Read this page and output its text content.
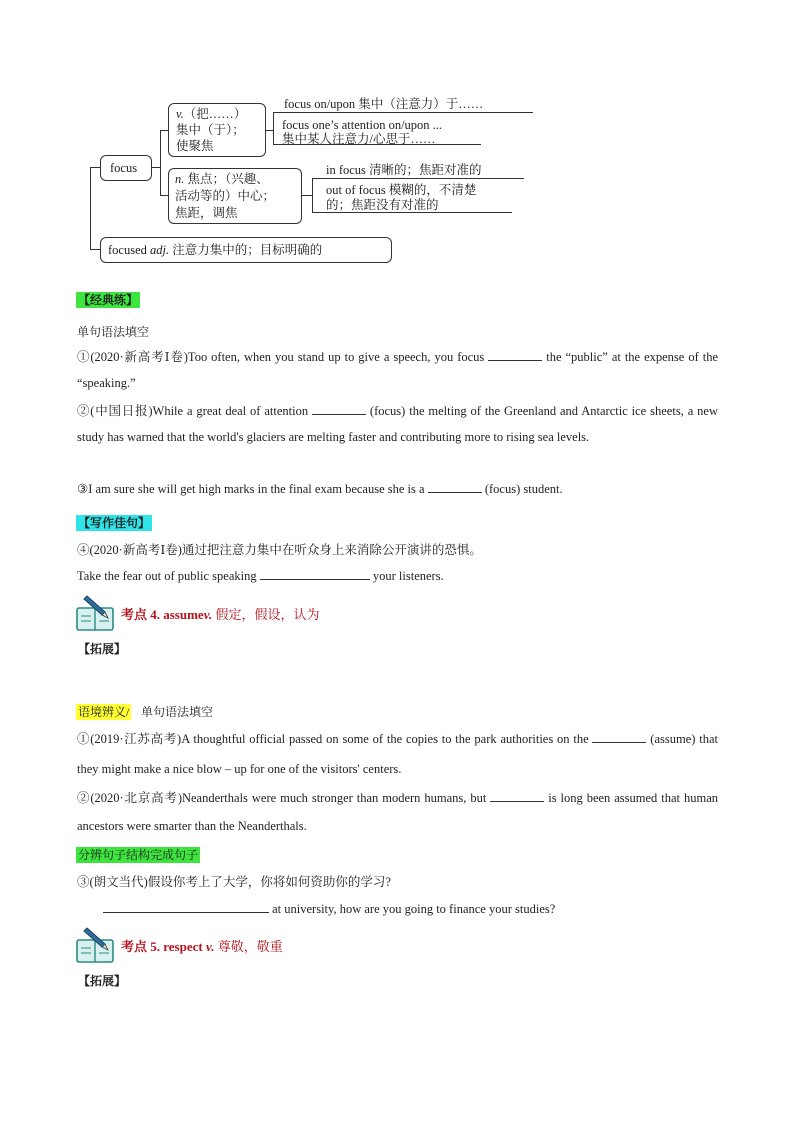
focus
v.（把……）
集中（于）；
使聚焦
focus on/upon 集中（注意力）于……
focus one’s attention on/upon ...
集中某人注意力/心思于……
n. 焦点；（兴趣、
活动等的）中心；
焦距，调焦
in focus 清晰的；焦距对准的
out of focus 模糊的，不清楚
的；焦距没有对准的
focused adj. 注意力集中的；目标明确的
【经典练】
单句语法填空
①(2020·新高考Ⅰ卷)Too often, when you stand up to give a speech, you focus	the “public” at the expense of the “speaking.”
②(中国日报)While a great deal of attention	(focus) the melting of the Greenland and Antarctic ice sheets, a new study has warned that the world's glaciers are melting faster and contributing more to rising sea levels.
③I am sure she will get high marks in the final exam because she is a	(focus) student.
【写作佳句】
④(2020·新高考Ⅰ卷)通过把注意力集中在听众身上来消除公开演讲的恐惧。
Take the fear out of public speaking	your listeners.
考点 4. assumev. 假定，假设，认为
【拓展】
语境辨义/ 单句语法填空
①(2019·江苏高考)A thoughtful official passed on some of the copies to the park authorities on the	(assume) that they might make a nice blow – up for one of the visitors' centers.
②(2020·北京高考)Neanderthals were much stronger than modern humans, but	is long been assumed that human ancestors were smarter than the Neanderthals.
分辨句子结构完成句子
③(朗文当代)假设你考上了大学，你将如何资助你的学习?
at university, how are you going to finance your studies?
考点 5. respect v. 尊敬，敬重
【拓展】
